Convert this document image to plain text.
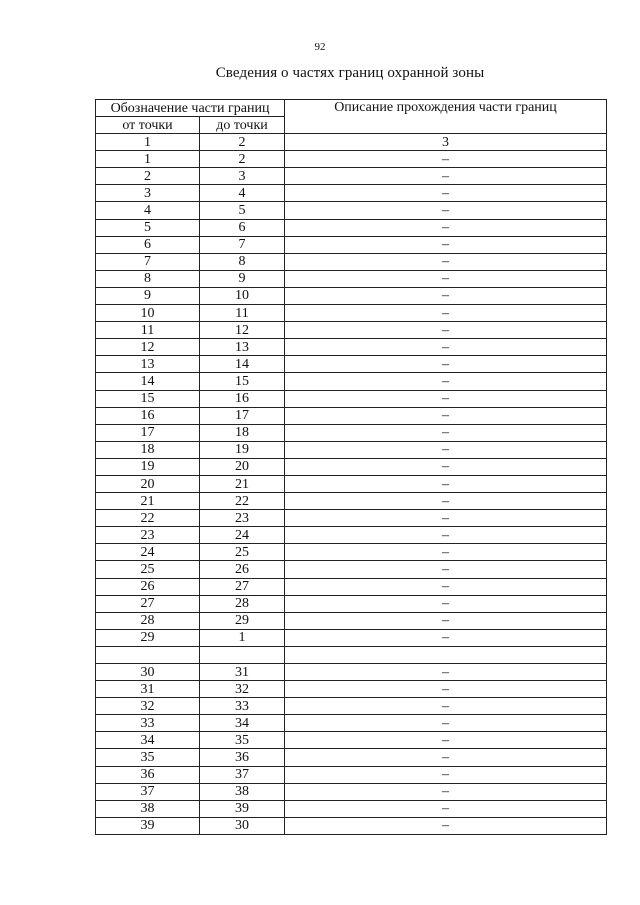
92
Сведения о частях границ охранной зоны
Обозначение части границ		Описание прохождения части границ
от точки	до точки	
1	2	3
1	2	–
2	3	–
3	4	–
4	5	–
5	6	–
6	7	–
7	8	–
8	9	–
9	10	–
10	11	–
11	12	–
12	13	–
13	14	–
14	15	–
15	16	–
16	17	–
17	18	–
18	19	–
19	20	–
20	21	–
21	22	–
22	23	–
23	24	–
24	25	–
25	26	–
26	27	–
27	28	–
28	29	–
29	1	–

30	31	–
31	32	–
32	33	–
33	34	–
34	35	–
35	36	–
36	37	–
37	38	–
38	39	–
39	30	–
